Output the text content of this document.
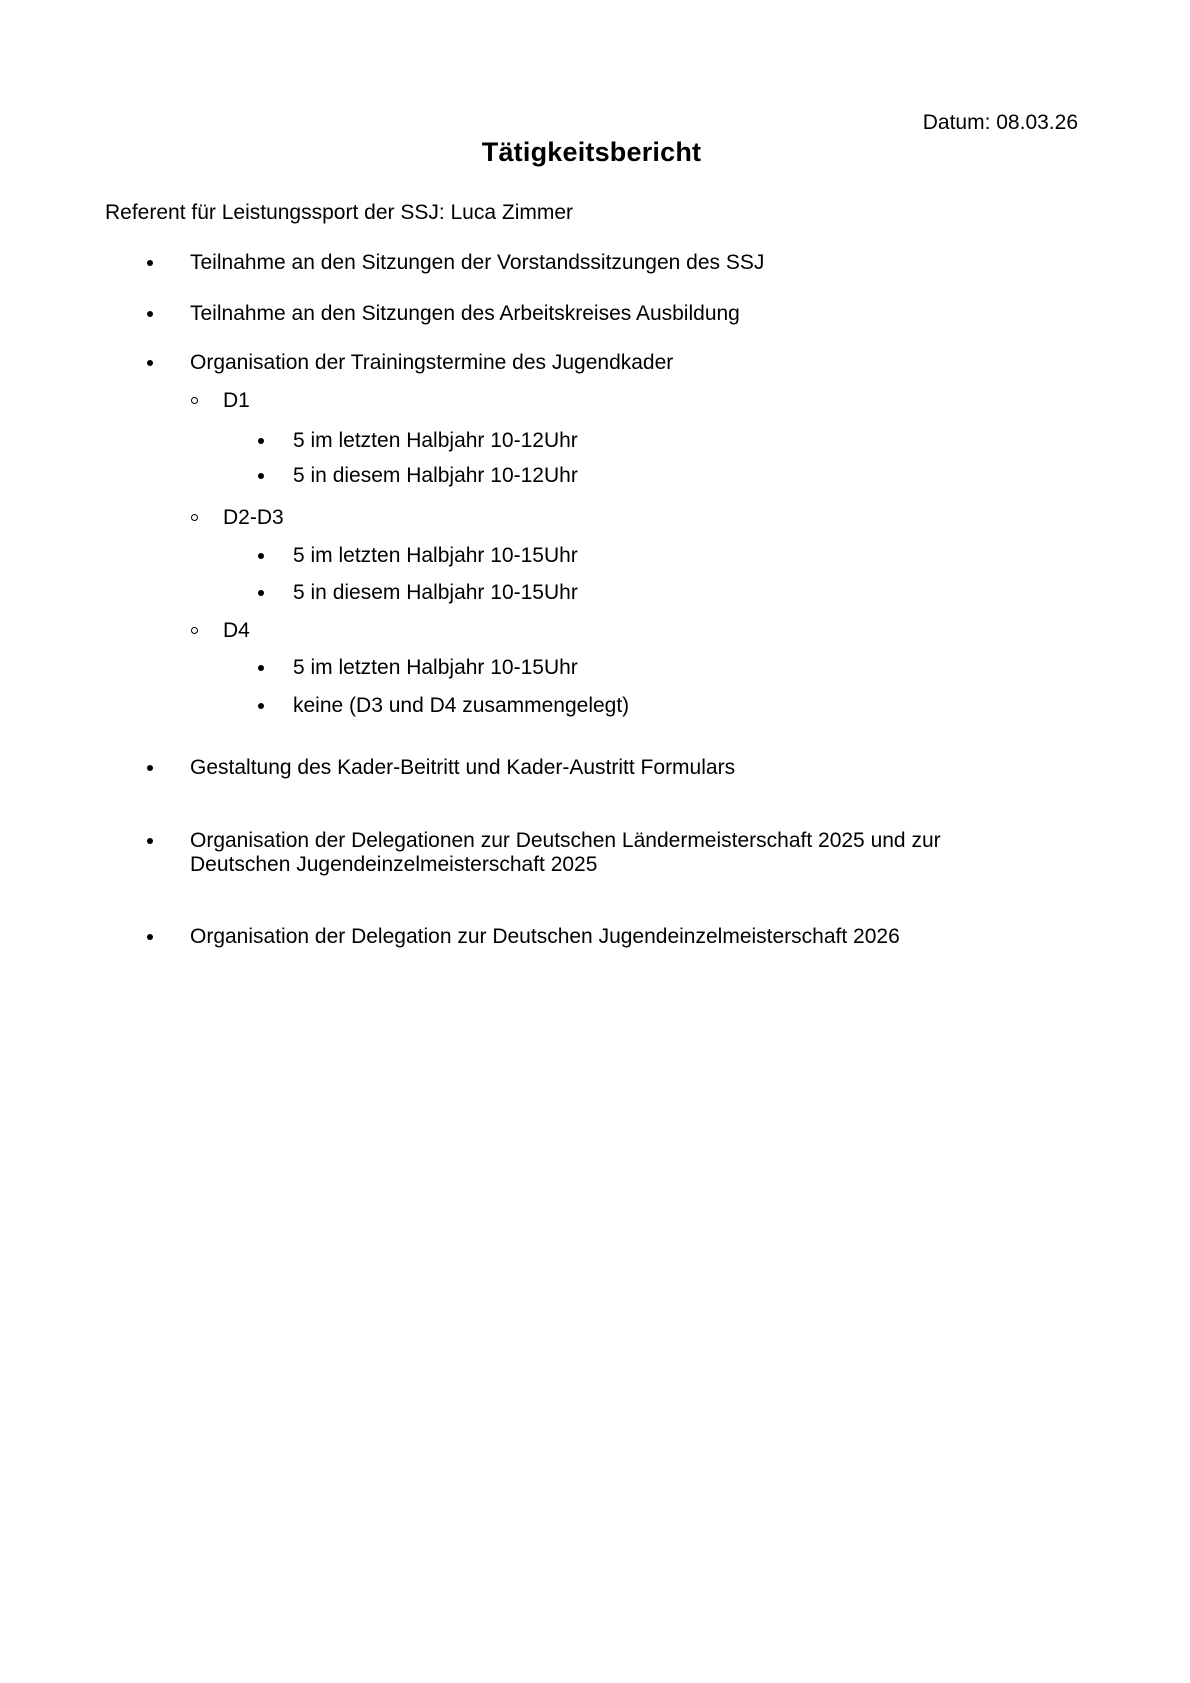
Datum: 08.03.26
Tätigkeitsbericht
Referent für Leistungssport der SSJ: Luca Zimmer
Teilnahme an den Sitzungen der Vorstandssitzungen des SSJ
Teilnahme an den Sitzungen des Arbeitskreises Ausbildung
Organisation der Trainingstermine des Jugendkader
D1
5 im letzten Halbjahr 10-12Uhr
5 in diesem Halbjahr 10-12Uhr
D2-D3
5 im letzten Halbjahr 10-15Uhr
5 in diesem Halbjahr 10-15Uhr
D4
5 im letzten Halbjahr 10-15Uhr
keine (D3 und D4 zusammengelegt)
Gestaltung des Kader-Beitritt und Kader-Austritt Formulars
Organisation der Delegationen zur Deutschen Ländermeisterschaft 2025 und zur Deutschen Jugendeinzelmeisterschaft 2025
Organisation der Delegation zur Deutschen Jugendeinzelmeisterschaft 2026
